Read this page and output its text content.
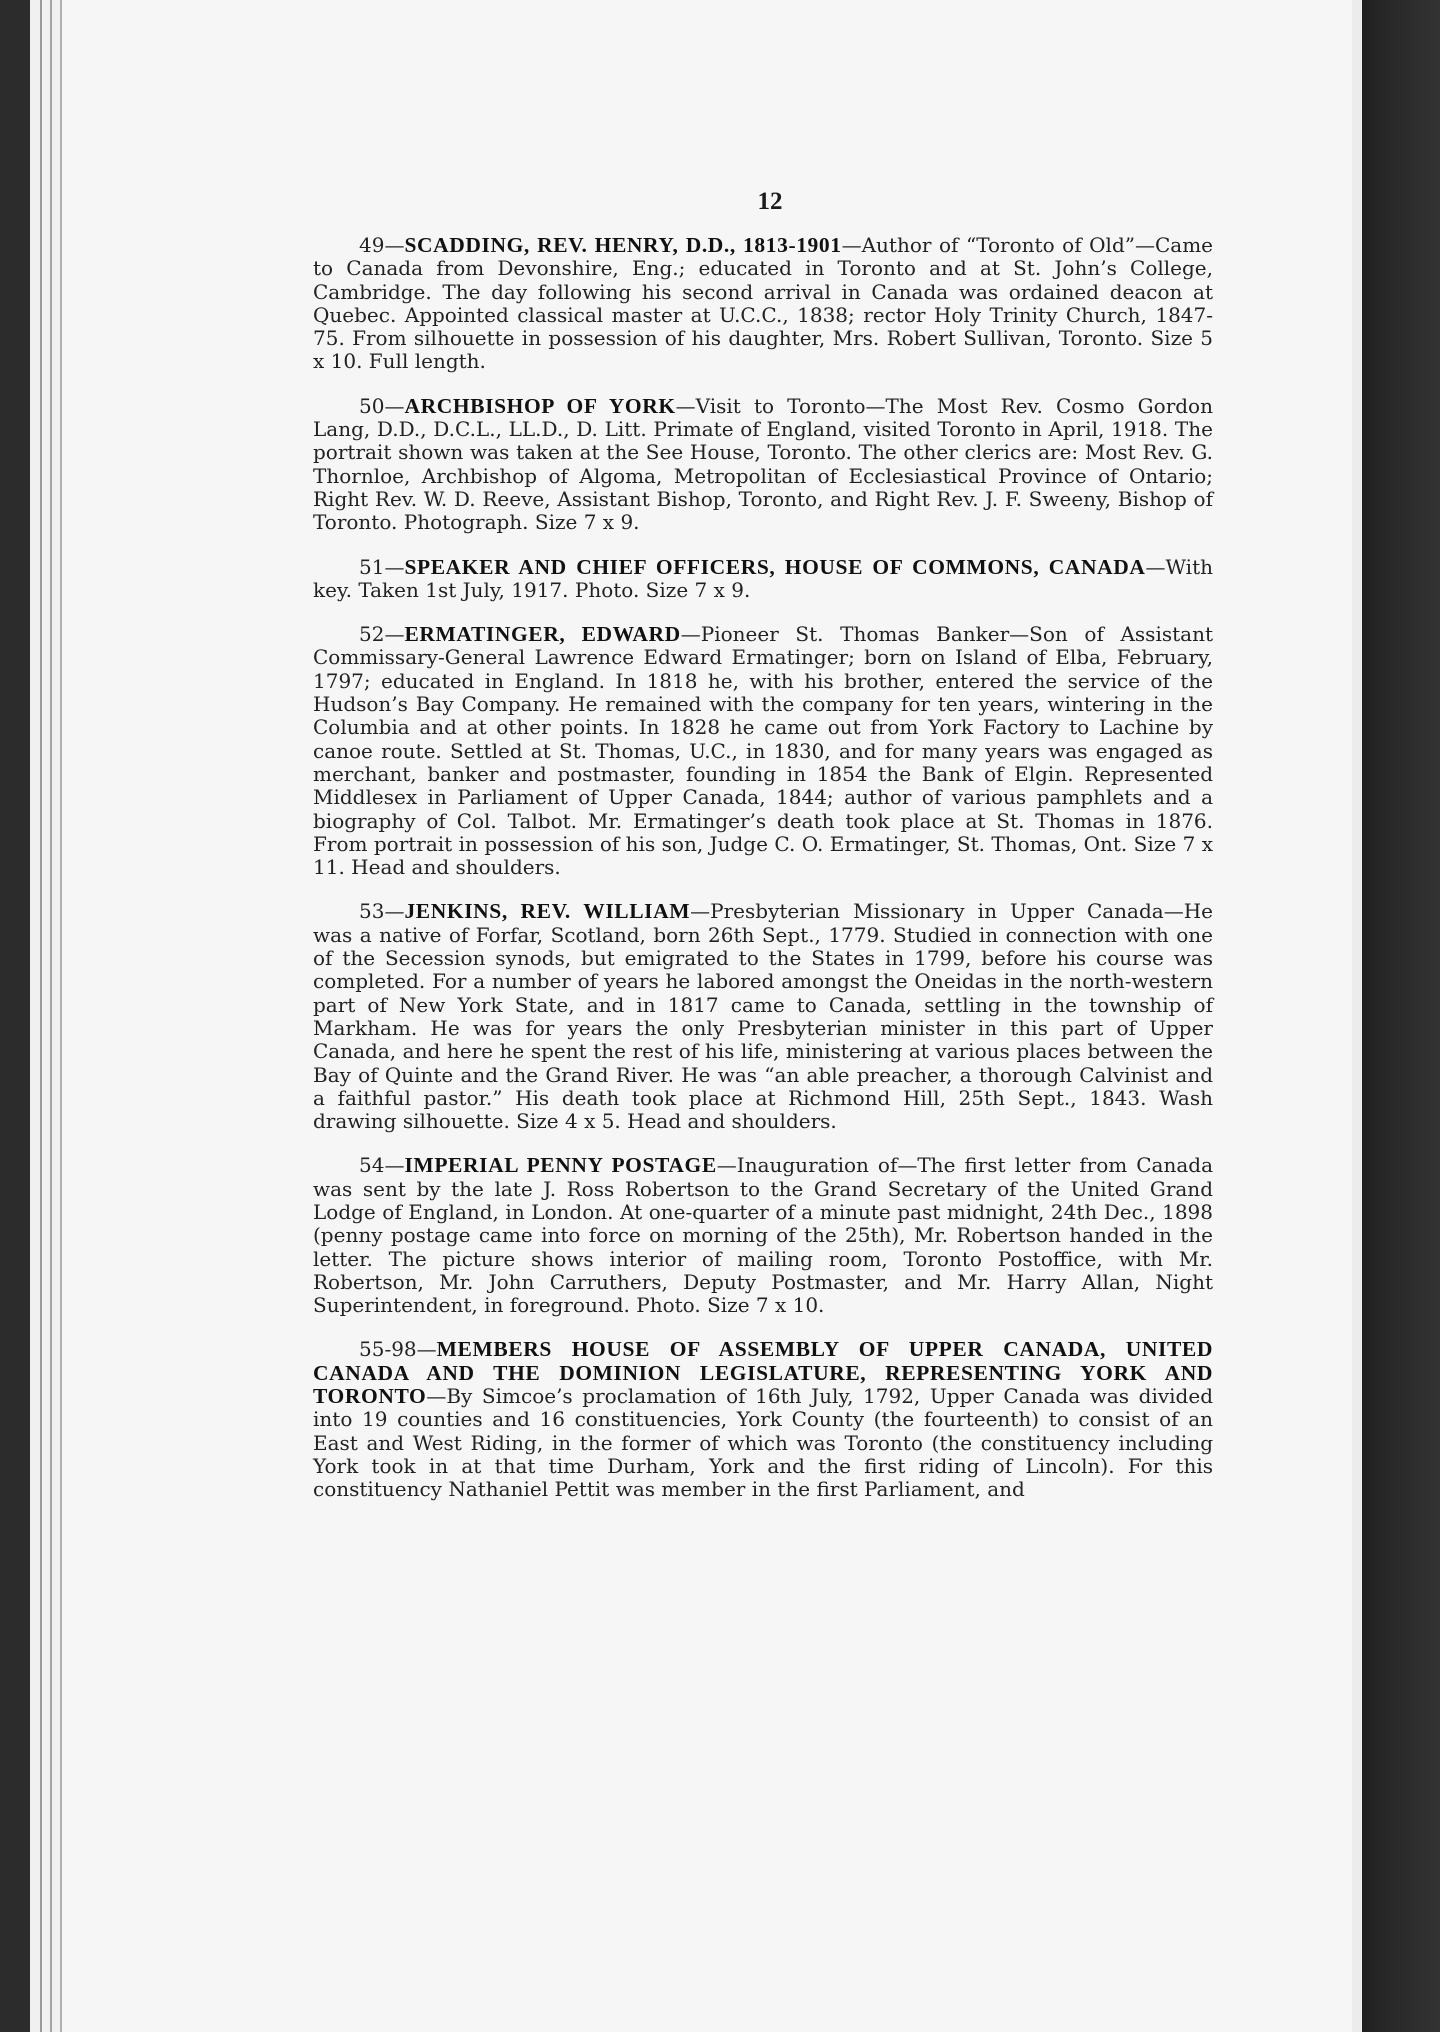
12

49—SCADDING, REV. HENRY, D.D., 1813-1901—Author of “Toronto of Old”—Came to Canada from Devonshire, Eng.; educated in Toronto and at St. John’s College, Cambridge. The day following his second arrival in Canada was ordained deacon at Quebec. Appointed classical master at U.C.C., 1838; rector Holy Trinity Church, 1847-75. From silhouette in possession of his daughter, Mrs. Robert Sullivan, Toronto. Size 5 x 10. Full length.

50—ARCHBISHOP OF YORK—Visit to Toronto—The Most Rev. Cosmo Gordon Lang, D.D., D.C.L., LL.D., D. Litt. Primate of England, visited Toronto in April, 1918. The portrait shown was taken at the See House, Toronto. The other clerics are: Most Rev. G. Thornloe, Archbishop of Algoma, Metropolitan of Ecclesiastical Province of Ontario; Right Rev. W. D. Reeve, Assistant Bishop, Toronto, and Right Rev. J. F. Sweeny, Bishop of Toronto. Photograph. Size 7 x 9.

51—SPEAKER AND CHIEF OFFICERS, HOUSE OF COMMONS, CANADA—With key. Taken 1st July, 1917. Photo. Size 7 x 9.

52—ERMATINGER, EDWARD—Pioneer St. Thomas Banker—Son of Assistant Commissary-General Lawrence Edward Ermatinger; born on Island of Elba, February, 1797; educated in England. In 1818 he, with his brother, entered the service of the Hudson’s Bay Company. He remained with the company for ten years, wintering in the Columbia and at other points. In 1828 he came out from York Factory to Lachine by canoe route. Settled at St. Thomas, U.C., in 1830, and for many years was engaged as merchant, banker and postmaster, founding in 1854 the Bank of Elgin. Represented Middlesex in Parliament of Upper Canada, 1844; author of various pamphlets and a biography of Col. Talbot. Mr. Ermatinger’s death took place at St. Thomas in 1876. From portrait in possession of his son, Judge C. O. Ermatinger, St. Thomas, Ont. Size 7 x 11. Head and shoulders.

53—JENKINS, REV. WILLIAM—Presbyterian Missionary in Upper Canada—He was a native of Forfar, Scotland, born 26th Sept., 1779. Studied in connection with one of the Secession synods, but emigrated to the States in 1799, before his course was completed. For a number of years he labored amongst the Oneidas in the north-western part of New York State, and in 1817 came to Canada, settling in the township of Markham. He was for years the only Presbyterian minister in this part of Upper Canada, and here he spent the rest of his life, ministering at various places between the Bay of Quinte and the Grand River. He was “an able preacher, a thorough Calvinist and a faithful pastor.” His death took place at Richmond Hill, 25th Sept., 1843. Wash drawing silhouette. Size 4 x 5. Head and shoulders.

54—IMPERIAL PENNY POSTAGE—Inauguration of—The first letter from Canada was sent by the late J. Ross Robertson to the Grand Secretary of the United Grand Lodge of England, in London. At one-quarter of a minute past midnight, 24th Dec., 1898 (penny postage came into force on morning of the 25th), Mr. Robertson handed in the letter. The picture shows interior of mailing room, Toronto Postoffice, with Mr. Robertson, Mr. John Carruthers, Deputy Postmaster, and Mr. Harry Allan, Night Superintendent, in foreground. Photo. Size 7 x 10.

55-98—MEMBERS HOUSE OF ASSEMBLY OF UPPER CANADA, UNITED CANADA AND THE DOMINION LEGISLATURE, REPRESENTING YORK AND TORONTO—By Simcoe’s proclamation of 16th July, 1792, Upper Canada was divided into 19 counties and 16 constituencies, York County (the fourteenth) to consist of an East and West Riding, in the former of which was Toronto (the constituency including York took in at that time Durham, York and the first riding of Lincoln). For this constituency Nathaniel Pettit was member in the first Parliament, and
